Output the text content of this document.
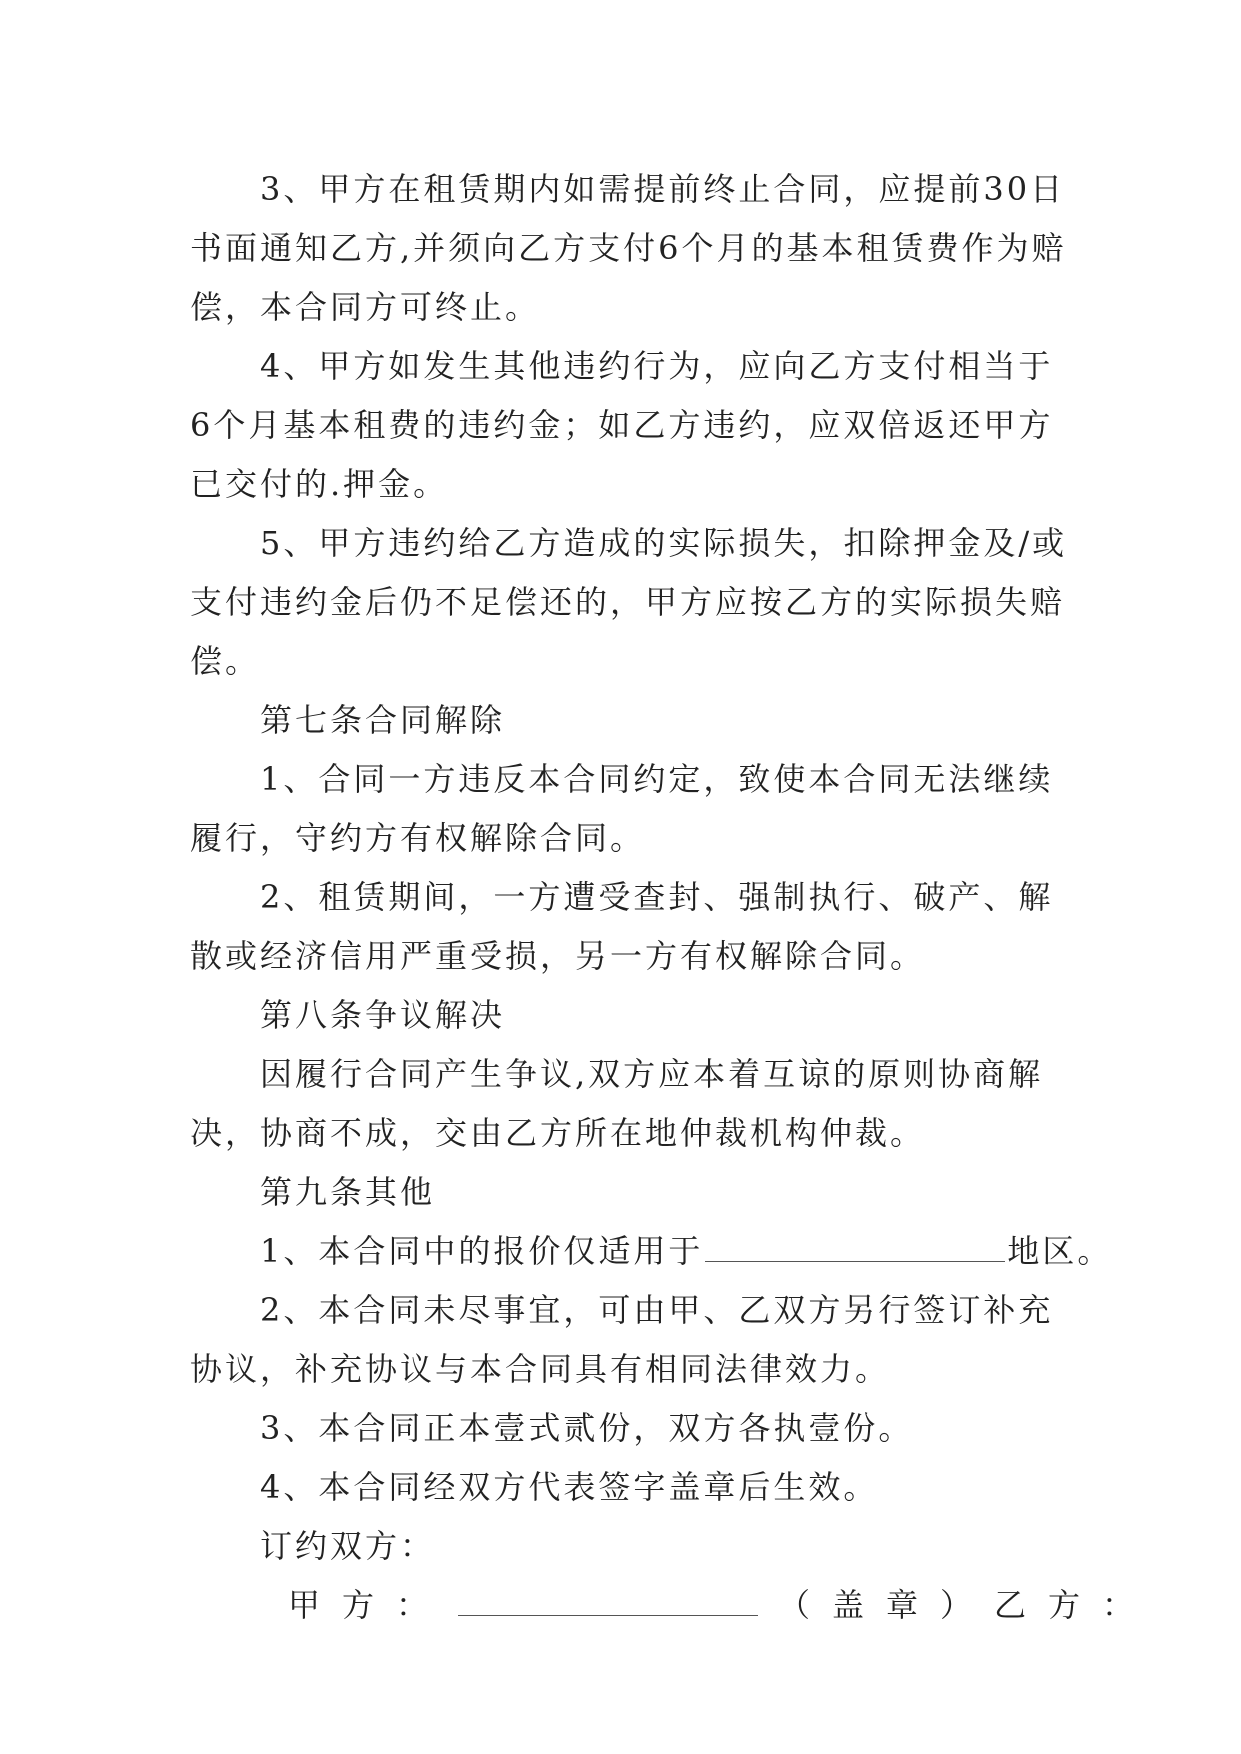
3、甲方在租赁期内如需提前终止合同，应提前30日书面通知乙方,并须向乙方支付6个月的基本租赁费作为赔偿，本合同方可终止。

4、甲方如发生其他违约行为，应向乙方支付相当于6个月基本租费的违约金；如乙方违约，应双倍返还甲方已交付的.押金。

5、甲方违约给乙方造成的实际损失，扣除押金及/或支付违约金后仍不足偿还的，甲方应按乙方的实际损失赔偿。

第七条合同解除

1、合同一方违反本合同约定，致使本合同无法继续履行，守约方有权解除合同。

2、租赁期间，一方遭受查封、强制执行、破产、解散或经济信用严重受损，另一方有权解除合同。

第八条争议解决

因履行合同产生争议,双方应本着互谅的原则协商解决，协商不成，交由乙方所在地仲裁机构仲裁。

第九条其他

1、本合同中的报价仅适用于	地区。

2、本合同未尽事宜，可由甲、乙双方另行签订补充协议，补充协议与本合同具有相同法律效力。

3、本合同正本壹式贰份，双方各执壹份。

4、本合同经双方代表签字盖章后生效。

订约双方：

甲方：	（盖章）乙方：
